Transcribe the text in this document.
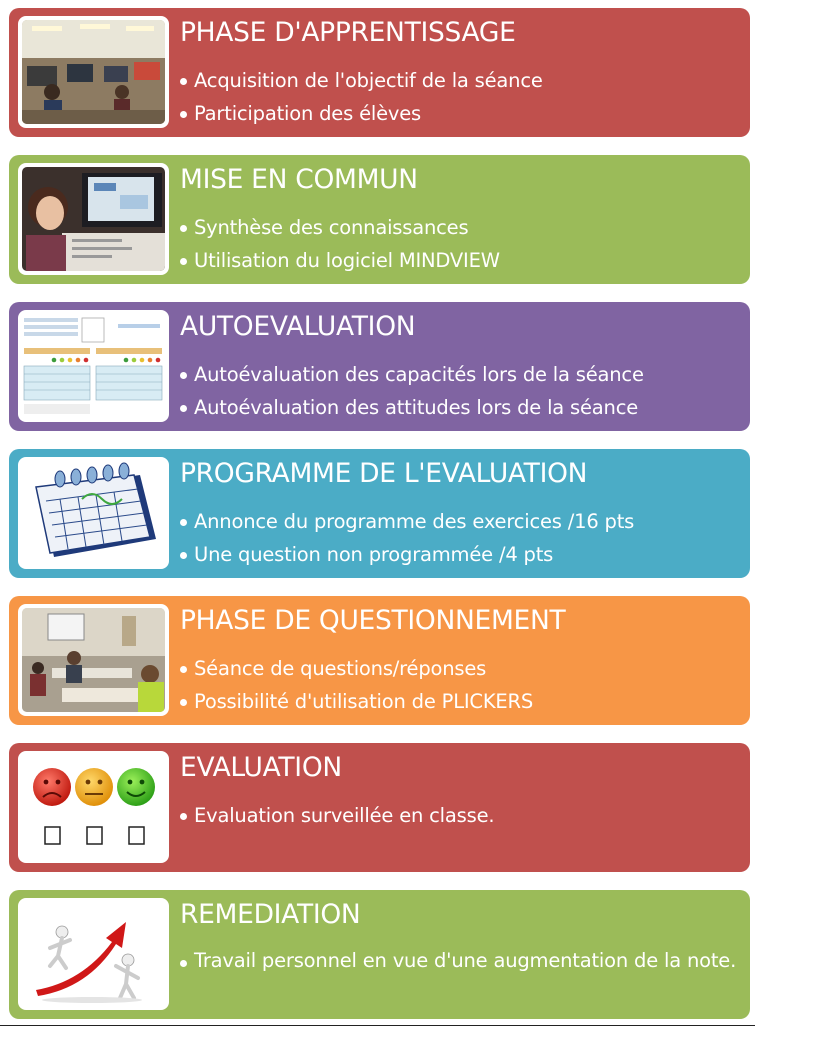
PHASE D'APPRENTISSAGE
Acquisition de l'objectif de la séance
Participation des élèves
MISE EN COMMUN
Synthèse des connaissances
Utilisation du logiciel MINDVIEW
AUTOEVALUATION
Autoévaluation des capacités lors de la séance
Autoévaluation des attitudes lors de la séance
PROGRAMME DE L'EVALUATION
Annonce du programme des exercices /16 pts
Une question non programmée /4 pts
PHASE DE QUESTIONNEMENT
Séance de questions/réponses
Possibilité d'utilisation de PLICKERS
EVALUATION
Evaluation surveillée en classe.
REMEDIATION
Travail personnel en vue d'une augmentation de la note.
